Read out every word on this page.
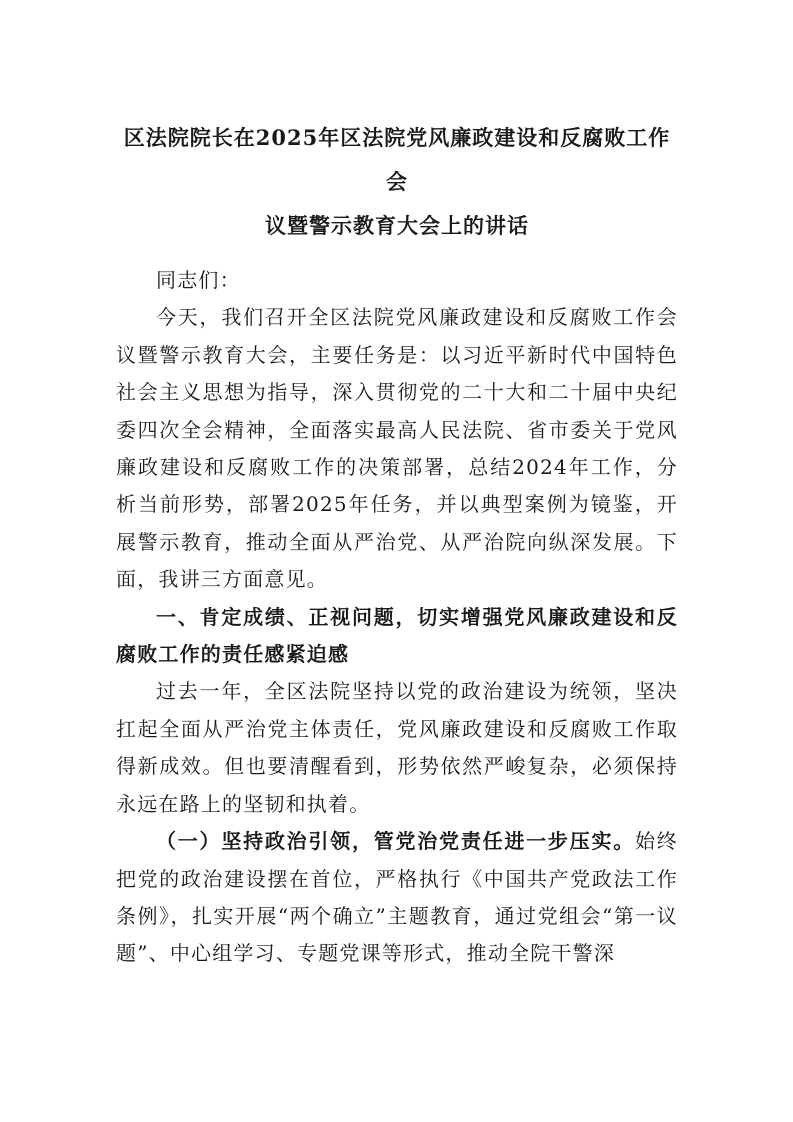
区法院院长在2025年区法院党风廉政建设和反腐败工作会
议暨警示教育大会上的讲话

同志们：

今天，我们召开全区法院党风廉政建设和反腐败工作会议暨警示教育大会，主要任务是：以习近平新时代中国特色社会主义思想为指导，深入贯彻党的二十大和二十届中央纪委四次全会精神，全面落实最高人民法院、省市委关于党风廉政建设和反腐败工作的决策部署，总结2024年工作，分析当前形势，部署2025年任务，并以典型案例为镜鉴，开展警示教育，推动全面从严治党、从严治院向纵深发展。下面，我讲三方面意见。

一、肯定成绩、正视问题，切实增强党风廉政建设和反腐败工作的责任感紧迫感

过去一年，全区法院坚持以党的政治建设为统领，坚决扛起全面从严治党主体责任，党风廉政建设和反腐败工作取得新成效。但也要清醒看到，形势依然严峻复杂，必须保持永远在路上的坚韧和执着。

（一）坚持政治引领，管党治党责任进一步压实。始终把党的政治建设摆在首位，严格执行《中国共产党政法工作条例》，扎实开展“两个确立”主题教育，通过党组会“第一议题”、中心组学习、专题党课等形式，推动全院干警深
